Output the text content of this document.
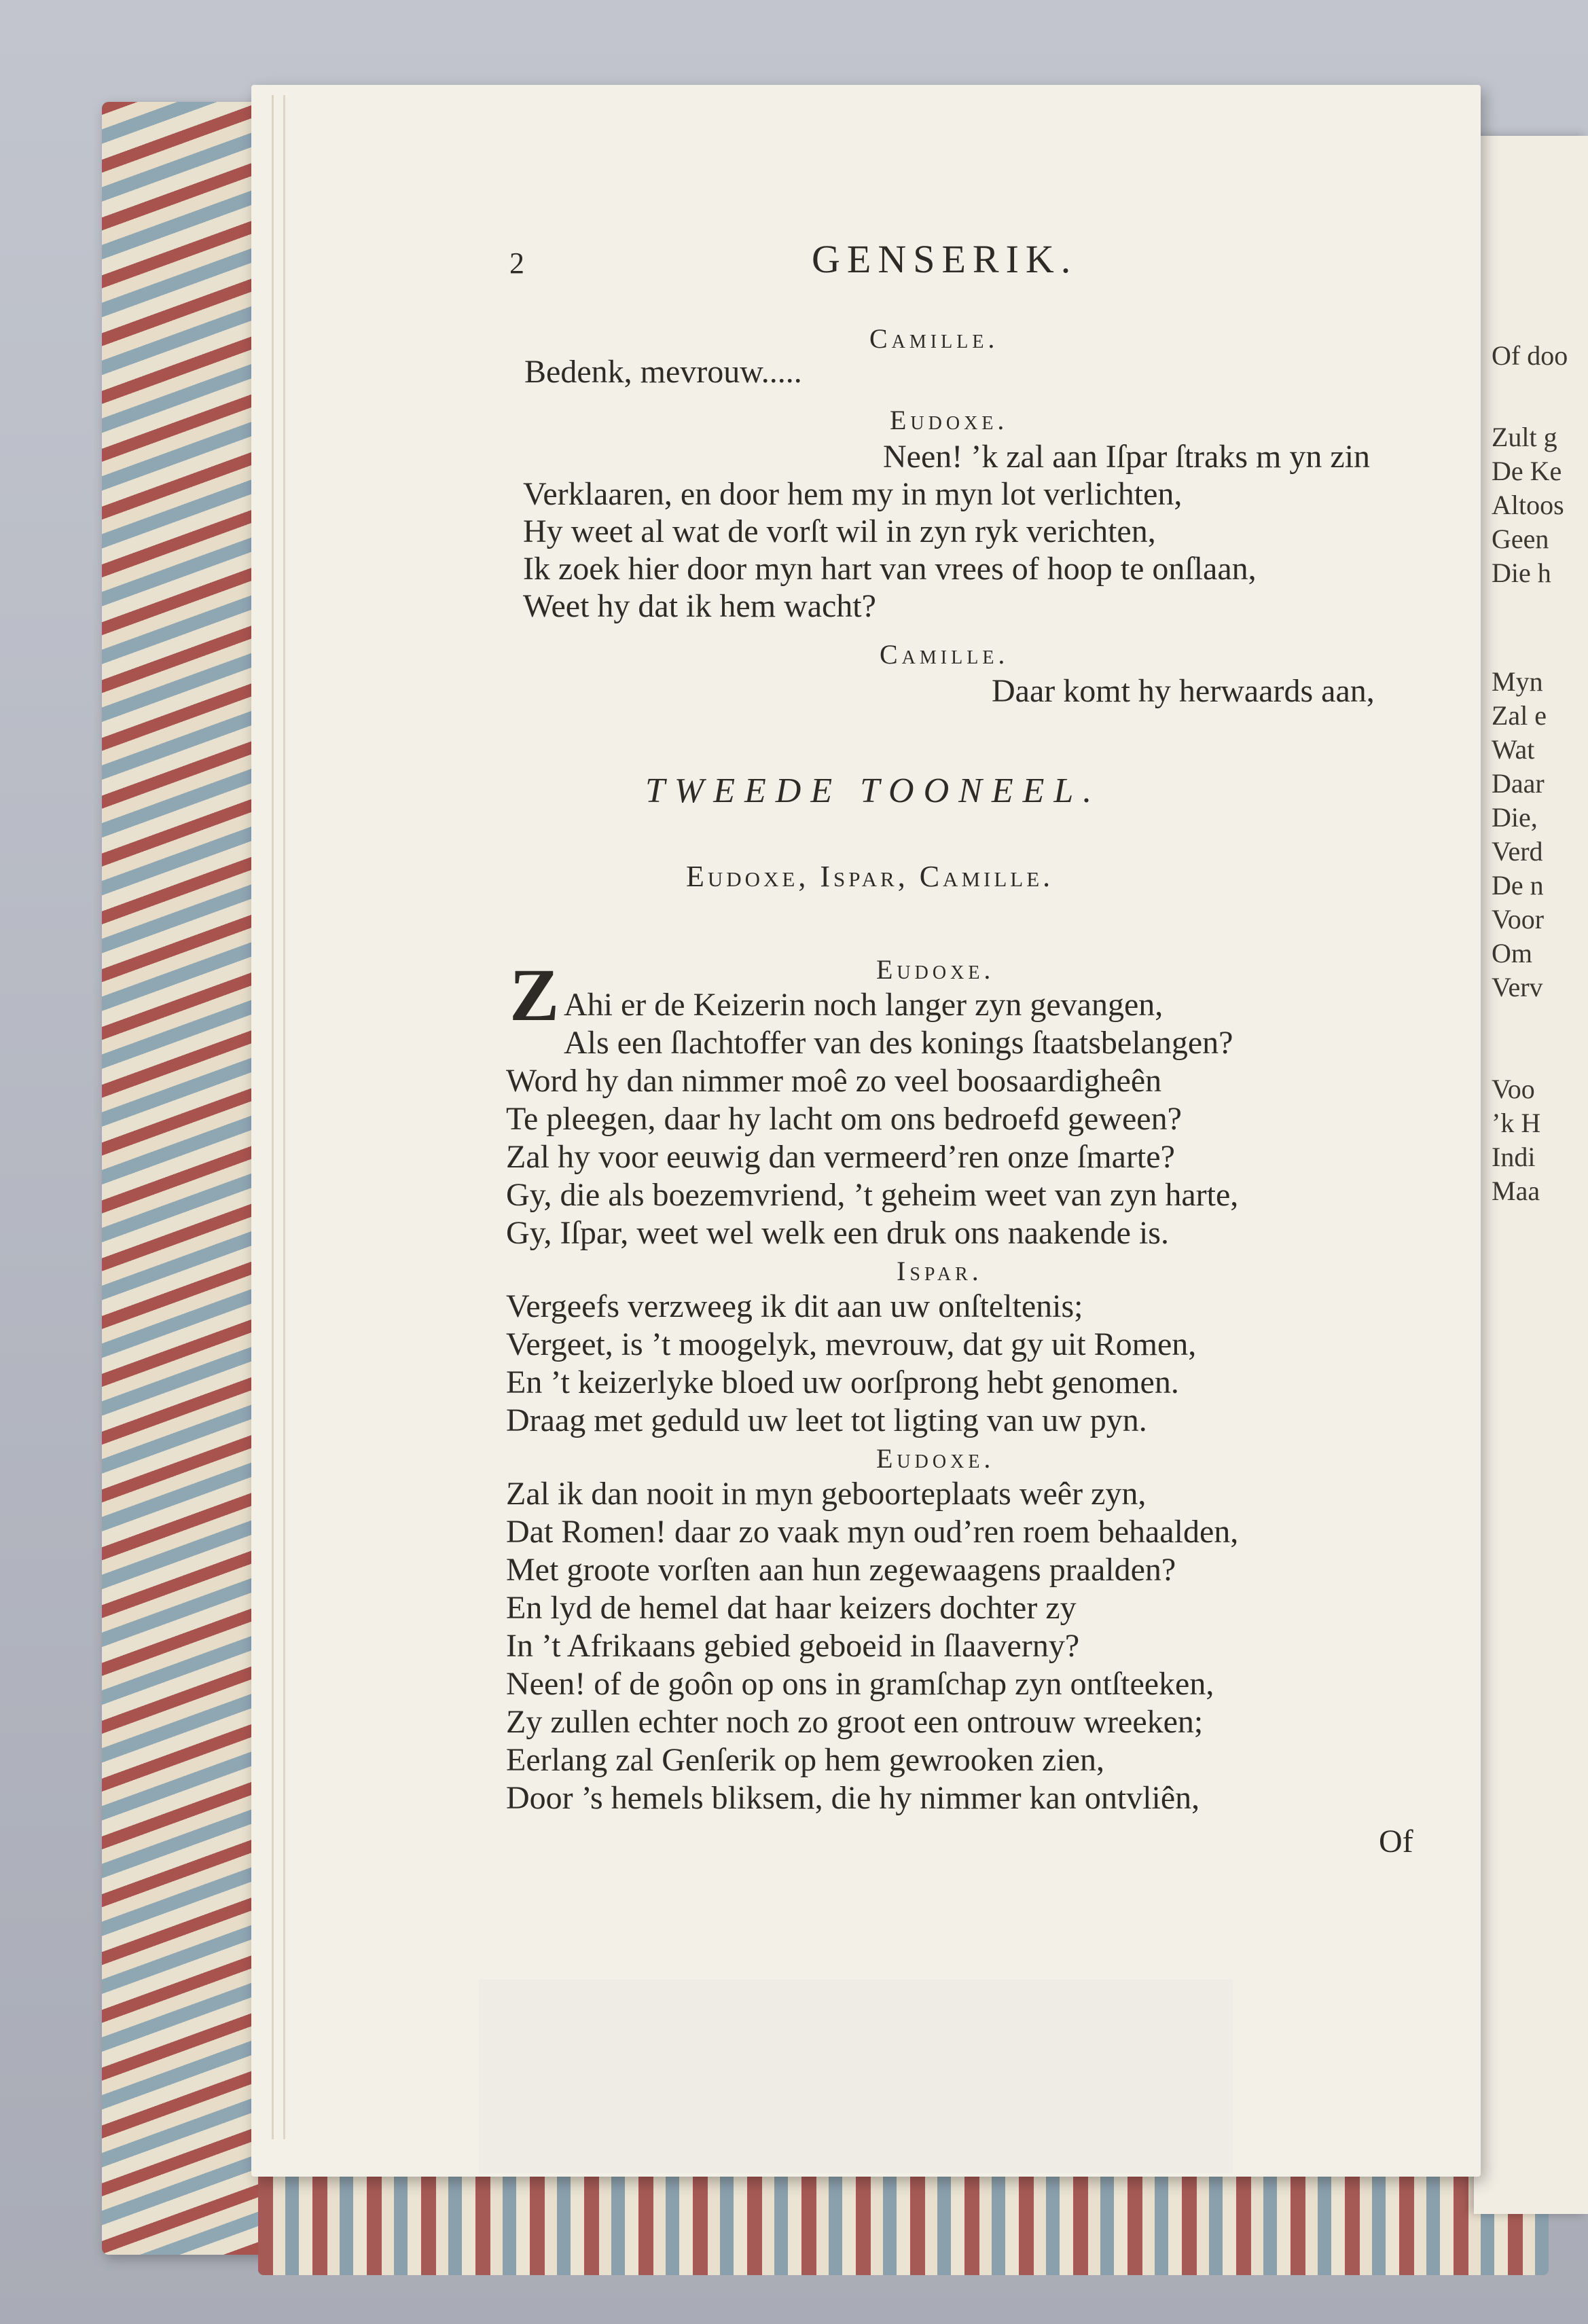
Of doo
Zult g
De Ke
Altoos
Geen
Die h
Myn
Zal e
Wat
Daar
Die,
Verd
De n
Voor
Om
Verv
Voo
’k H
Indi
Maa
2	GENSERIK.
Camille.
Bedenk, mevrouw.....
Eudoxe.
Neen! ’k zal aan Iſpar ſtraks m yn zin
Verklaaren, en door hem my in myn lot verlichten,
Hy weet al wat de vorſt wil in zyn ryk verichten,
Ik zoek hier door myn hart van vrees of hoop te onſlaan,
Weet hy dat ik hem wacht?
Camille.
Daar komt hy herwaards aan,
TWEEDE TOONEEL.
Eudoxe, Iſpar, Camille.
Z	Eudoxe.
Ahi er de Keizerin noch langer zyn gevangen,
Als een ſlachtoffer van des konings ſtaatsbelangen?
Word hy dan nimmer moê zo veel boosaardigheên
Te pleegen, daar hy lacht om ons bedroefd geween?
Zal hy voor eeuwig dan vermeerd’ren onze ſmarte?
Gy, die als boezemvriend, ’t geheim weet van zyn harte,
Gy, Iſpar, weet wel welk een druk ons naakende is.
Ispar.
Vergeefs verzweeg ik dit aan uw onſteltenis;
Vergeet, is ’t moogelyk, mevrouw, dat gy uit Romen,
En ’t keizerlyke bloed uw oorſprong hebt genomen.
Draag met geduld uw leet tot ligting van uw pyn.
Eudoxe.
Zal ik dan nooit in myn geboorteplaats weêr zyn,
Dat Romen! daar zo vaak myn oud’ren roem behaalden,
Met groote vorſten aan hun zegewaagens praalden?
En lyd de hemel dat haar keizers dochter zy
In ’t Afrikaans gebied geboeid in ſlaaverny?
Neen! of de goôn op ons in gramſchap zyn ontſteeken,
Zy zullen echter noch zo groot een ontrouw wreeken;
Eerlang zal Genſerik op hem gewrooken zien,
Door ’s hemels bliksem, die hy nimmer kan ontvliên,
Of
